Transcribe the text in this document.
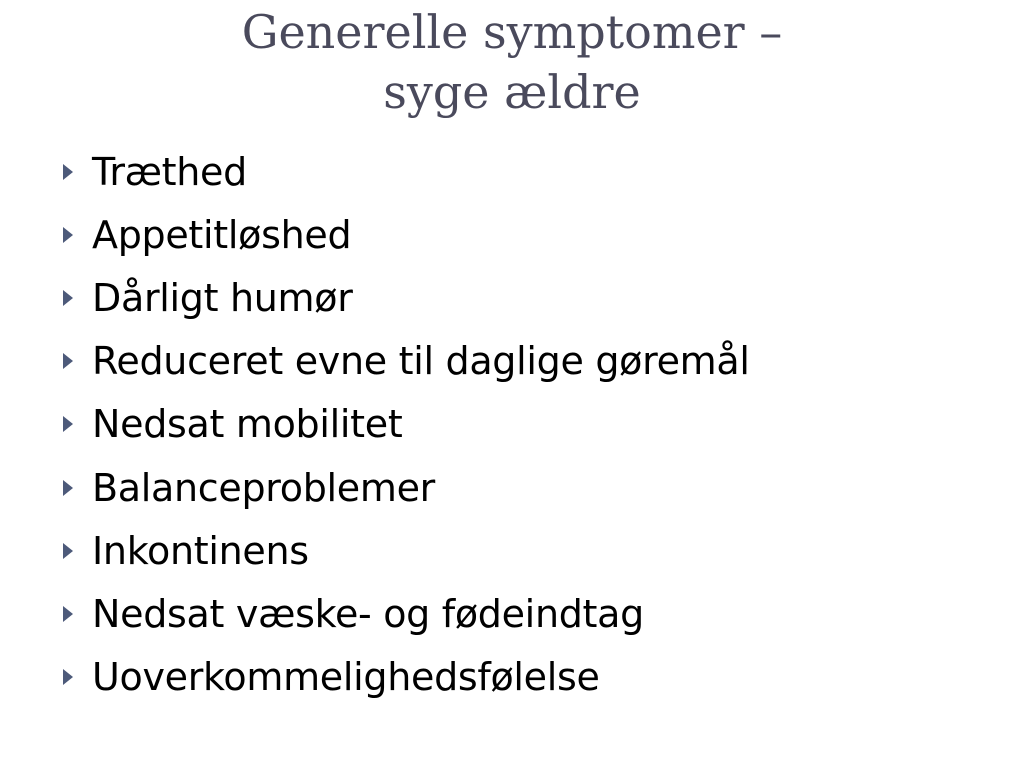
Generelle symptomer –
syge ældre
Træthed
Appetitløshed
Dårligt humør
Reduceret evne til daglige gøremål
Nedsat mobilitet
Balanceproblemer
Inkontinens
Nedsat væske- og fødeindtag
Uoverkommelighedsfølelse
